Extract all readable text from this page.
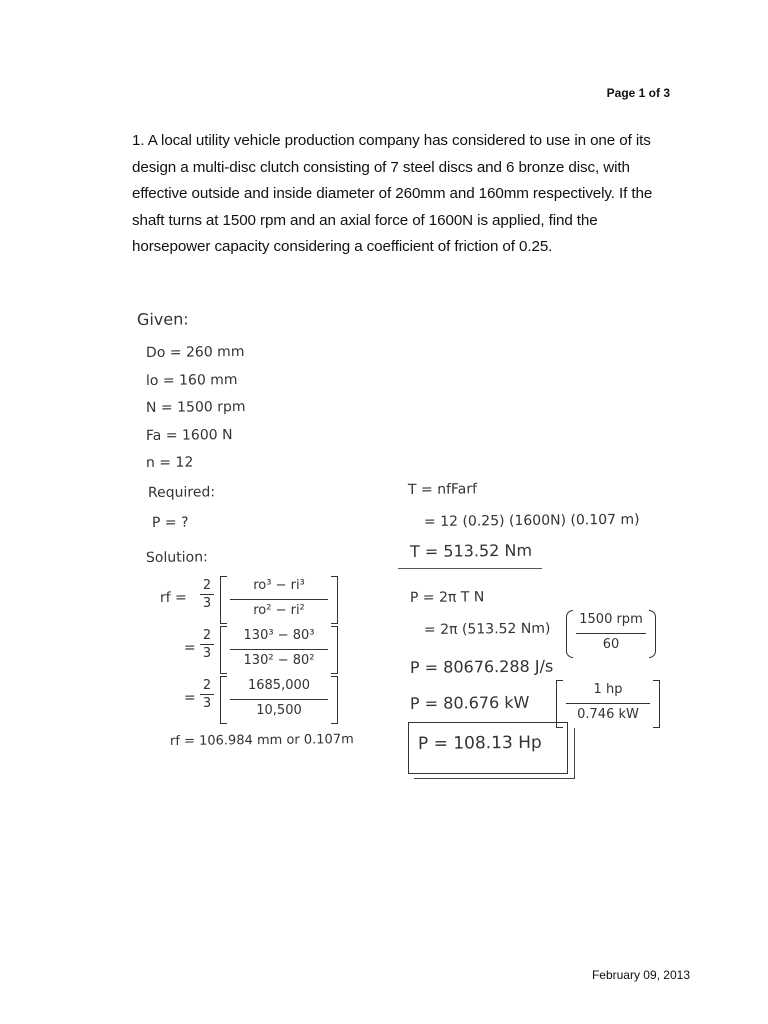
Page 1 of 3
1. A local utility vehicle production company has considered to use in one of its design a multi-disc clutch consisting of 7 steel discs and 6 bronze disc, with effective outside and inside diameter of 260mm and 160mm respectively. If the shaft turns at 1500 rpm and an axial force of 1600N is applied, find the horsepower capacity considering a coefficient of friction of 0.25.
Given:
Do = 260 mm
lo = 160 mm
N = 1500 rpm
Fa = 1600 N
n = 12
Required:
P = ?
Solution:
rf =
2
3
ro³ − ri³
ro² − ri²
=
2
3
130³ − 80³
130² − 80²
=
2
3
1685,000
10,500
rf = 106.984 mm or 0.107m
T = nfFarf
= 12 (0.25) (1600N) (0.107 m)
T = 513.52 Nm
P = 2π T N
= 2π (513.52 Nm)
1500 rpm
60
P = 80676.288 J/s
P = 80.676 kW
1 hp
0.746 kW
P = 108.13 Hp
February 09, 2013
